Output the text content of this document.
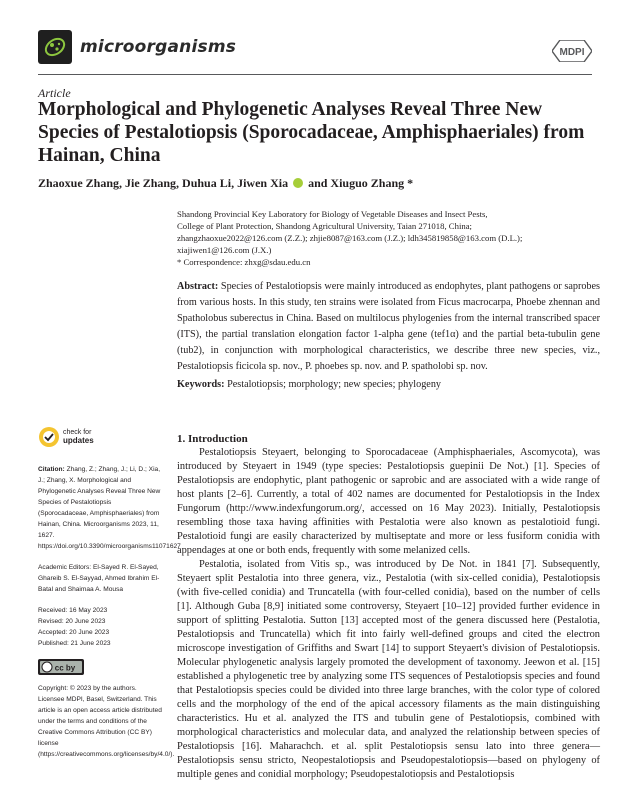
microorganisms	MDPI
Article
Morphological and Phylogenetic Analyses Reveal Three New Species of Pestalotiopsis (Sporocadaceae, Amphisphaeriales) from Hainan, China
Zhaoxue Zhang, Jie Zhang, Duhua Li, Jiwen Xia and Xiuguo Zhang *
Shandong Provincial Key Laboratory for Biology of Vegetable Diseases and Insect Pests,
College of Plant Protection, Shandong Agricultural University, Taian 271018, China;
zhangzhaoxue2022@126.com (Z.Z.); zhjie8087@163.com (J.Z.); ldh345819858@163.com (D.L.);
xiajiwen1@126.com (J.X.)
* Correspondence: zhxg@sdau.edu.cn
Abstract: Species of Pestalotiopsis were mainly introduced as endophytes, plant pathogens or saprobes from various hosts. In this study, ten strains were isolated from Ficus macrocarpa, Phoebe zhennan and Spatholobus suberectus in China. Based on multilocus phylogenies from the internal transcribed spacer (ITS), the partial translation elongation factor 1-alpha gene (tef1α) and the partial beta-tubulin gene (tub2), in conjunction with morphological characteristics, we describe three new species, viz., Pestalotiopsis ficicola sp. nov., P. phoebes sp. nov. and P. spatholobi sp. nov.
Keywords: Pestalotiopsis; morphology; new species; phylogeny
check for
updates
Citation: Zhang, Z.; Zhang, J.; Li, D.; Xia, J.; Zhang, X. Morphological and Phylogenetic Analyses Reveal Three New Species of Pestalotiopsis (Sporocadaceae, Amphisphaeriales) from Hainan, China. Microorganisms 2023, 11, 1627. https://doi.org/10.3390/microorganisms11071627
Academic Editors: El-Sayed R. El-Sayed, Ghareib S. El-Sayyad, Ahmed Ibrahim El-Batal and Shaimaa A. Mousa
Received: 16 May 2023
Revised: 20 June 2023
Accepted: 20 June 2023
Published: 21 June 2023
cc by
Copyright: © 2023 by the authors. Licensee MDPI, Basel, Switzerland. This article is an open access article distributed under the terms and conditions of the Creative Commons Attribution (CC BY) license (https://creativecommons.org/licenses/by/4.0/).
1. Introduction

Pestalotiopsis Steyaert, belonging to Sporocadaceae (Amphisphaeriales, Ascomycota), was introduced by Steyaert in 1949 (type species: Pestalotiopsis guepinii De Not.) [1]. Species of Pestalotiopsis are endophytic, plant pathogenic or saprobic and are associated with a wide range of host plants [2–6]. Currently, a total of 402 names are documented for Pestalotiopsis in the Index Fungorum (http://www.indexfungorum.org/, accessed on 16 May 2023). Initially, Pestalotiopsis resembling those taxa having affinities with Pestalotia were also known as pestalotioid fungi. Pestalotioid fungi are easily characterized by multiseptate and more or less fusiform conidia with appendages at one or both ends, frequently with some melanized cells.

Pestalotia, isolated from Vitis sp., was introduced by De Not. in 1841 [7]. Subsequently, Steyaert split Pestalotia into three genera, viz., Pestalotia (with six-celled conidia), Pestalotiopsis (with five-celled conidia) and Truncatella (with four-celled conidia), based on the number of cells [1]. Although Guba [8,9] initiated some controversy, Steyaert [10–12] provided further evidence in support of splitting Pestalotia. Sutton [13] accepted most of the genera discussed here (Pestalotia, Pestalotiopsis and Truncatella) which fit into fairly well-defined groups and cited the electron microscope investigation of Griffiths and Swart [14] to support Steyaert's division of Pestalotiopsis. Molecular phylogenetic analysis largely promoted the development of taxonomy. Jeewon et al. [15] established a phylogenetic tree by analyzing some ITS sequences of Pestalotiopsis species and found that Pestalotiopsis species could be divided into three large branches, with the color type of colored cells and the morphology of the end of the apical accessory filaments as the main distinguishing characteristics. Hu et al. analyzed the ITS and tubulin gene of Pestalotiopsis, combined with morphological characteristics and molecular data, and analyzed the relationship between species of Pestalotiopsis [16]. Maharachch. et al. split Pestalotiopsis sensu lato into three genera—Pestalotiopsis sensu stricto, Neopestalotiopsis and Pseudopestalotiopsis—based on phylogeny of multiple genes and conidial morphology; Pseudopestalotiopsis and Pestalotiopsis
